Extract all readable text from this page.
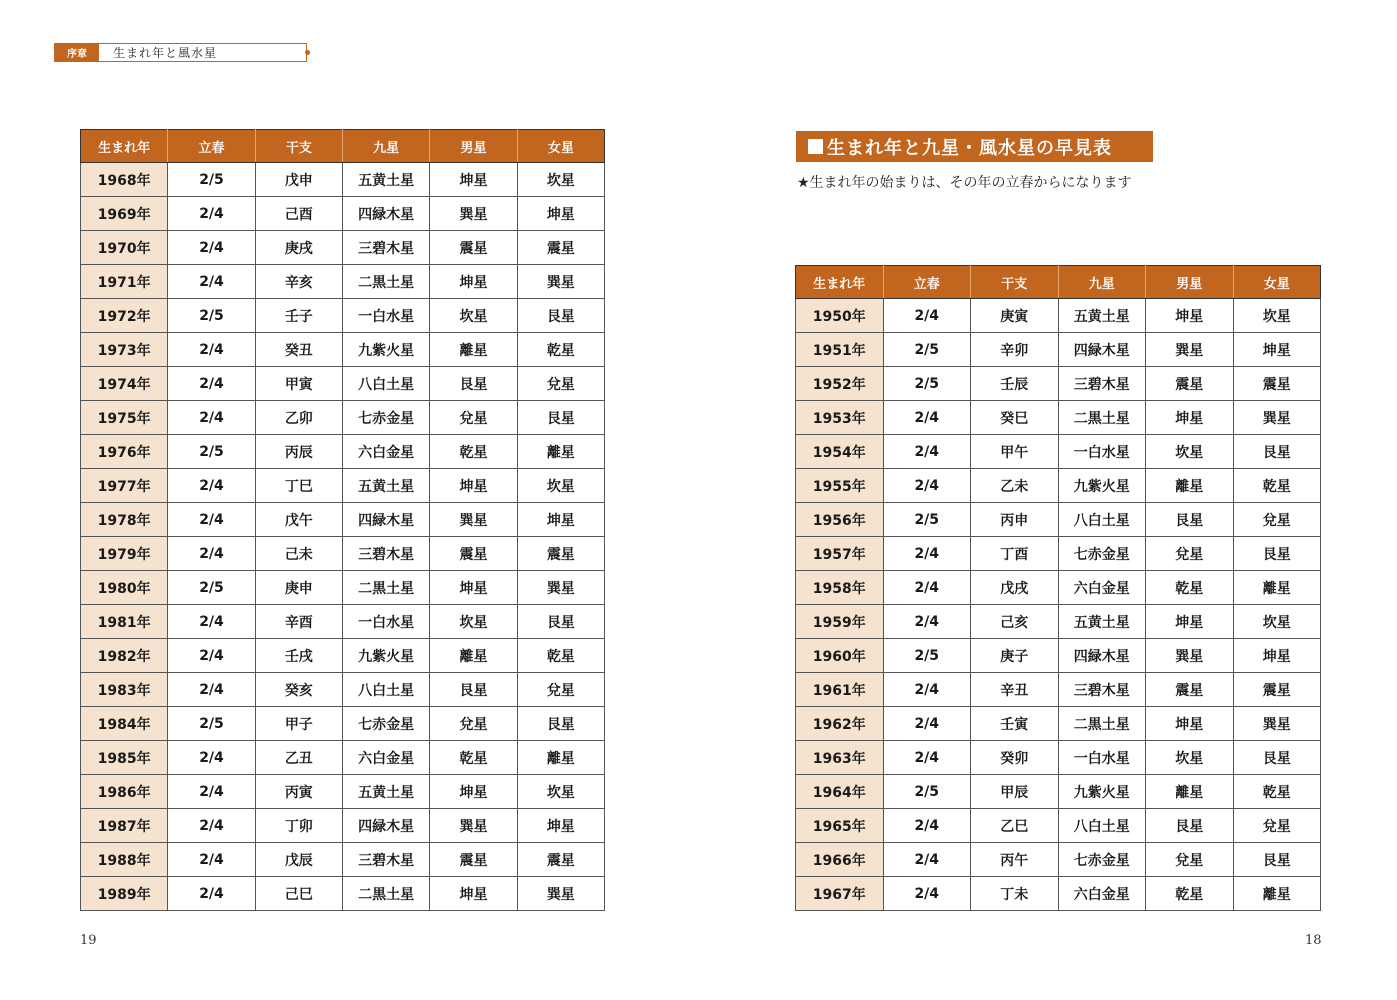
序章	生まれ年と風水星
生まれ年	立春	干支	九星	男星	女星
1968年	2/5	戊申	五黄土星	坤星	坎星
1969年	2/4	己酉	四緑木星	巽星	坤星
1970年	2/4	庚戌	三碧木星	震星	震星
1971年	2/4	辛亥	二黒土星	坤星	巽星
1972年	2/5	壬子	一白水星	坎星	艮星
1973年	2/4	癸丑	九紫火星	離星	乾星
1974年	2/4	甲寅	八白土星	艮星	兌星
1975年	2/4	乙卯	七赤金星	兌星	艮星
1976年	2/5	丙辰	六白金星	乾星	離星
1977年	2/4	丁巳	五黄土星	坤星	坎星
1978年	2/4	戊午	四緑木星	巽星	坤星
1979年	2/4	己未	三碧木星	震星	震星
1980年	2/5	庚申	二黒土星	坤星	巽星
1981年	2/4	辛酉	一白水星	坎星	艮星
1982年	2/4	壬戌	九紫火星	離星	乾星
1983年	2/4	癸亥	八白土星	艮星	兌星
1984年	2/5	甲子	七赤金星	兌星	艮星
1985年	2/4	乙丑	六白金星	乾星	離星
1986年	2/4	丙寅	五黄土星	坤星	坎星
1987年	2/4	丁卯	四緑木星	巽星	坤星
1988年	2/4	戊辰	三碧木星	震星	震星
1989年	2/4	己巳	二黒土星	坤星	巽星
生まれ年と九星・風水星の早見表
★生まれ年の始まりは、その年の立春からになります
生まれ年	立春	干支	九星	男星	女星
1950年	2/4	庚寅	五黄土星	坤星	坎星
1951年	2/5	辛卯	四緑木星	巽星	坤星
1952年	2/5	壬辰	三碧木星	震星	震星
1953年	2/4	癸巳	二黒土星	坤星	巽星
1954年	2/4	甲午	一白水星	坎星	艮星
1955年	2/4	乙未	九紫火星	離星	乾星
1956年	2/5	丙申	八白土星	艮星	兌星
1957年	2/4	丁酉	七赤金星	兌星	艮星
1958年	2/4	戊戌	六白金星	乾星	離星
1959年	2/4	己亥	五黄土星	坤星	坎星
1960年	2/5	庚子	四緑木星	巽星	坤星
1961年	2/4	辛丑	三碧木星	震星	震星
1962年	2/4	壬寅	二黒土星	坤星	巽星
1963年	2/4	癸卯	一白水星	坎星	艮星
1964年	2/5	甲辰	九紫火星	離星	乾星
1965年	2/4	乙巳	八白土星	艮星	兌星
1966年	2/4	丙午	七赤金星	兌星	艮星
1967年	2/4	丁未	六白金星	乾星	離星
19	18
